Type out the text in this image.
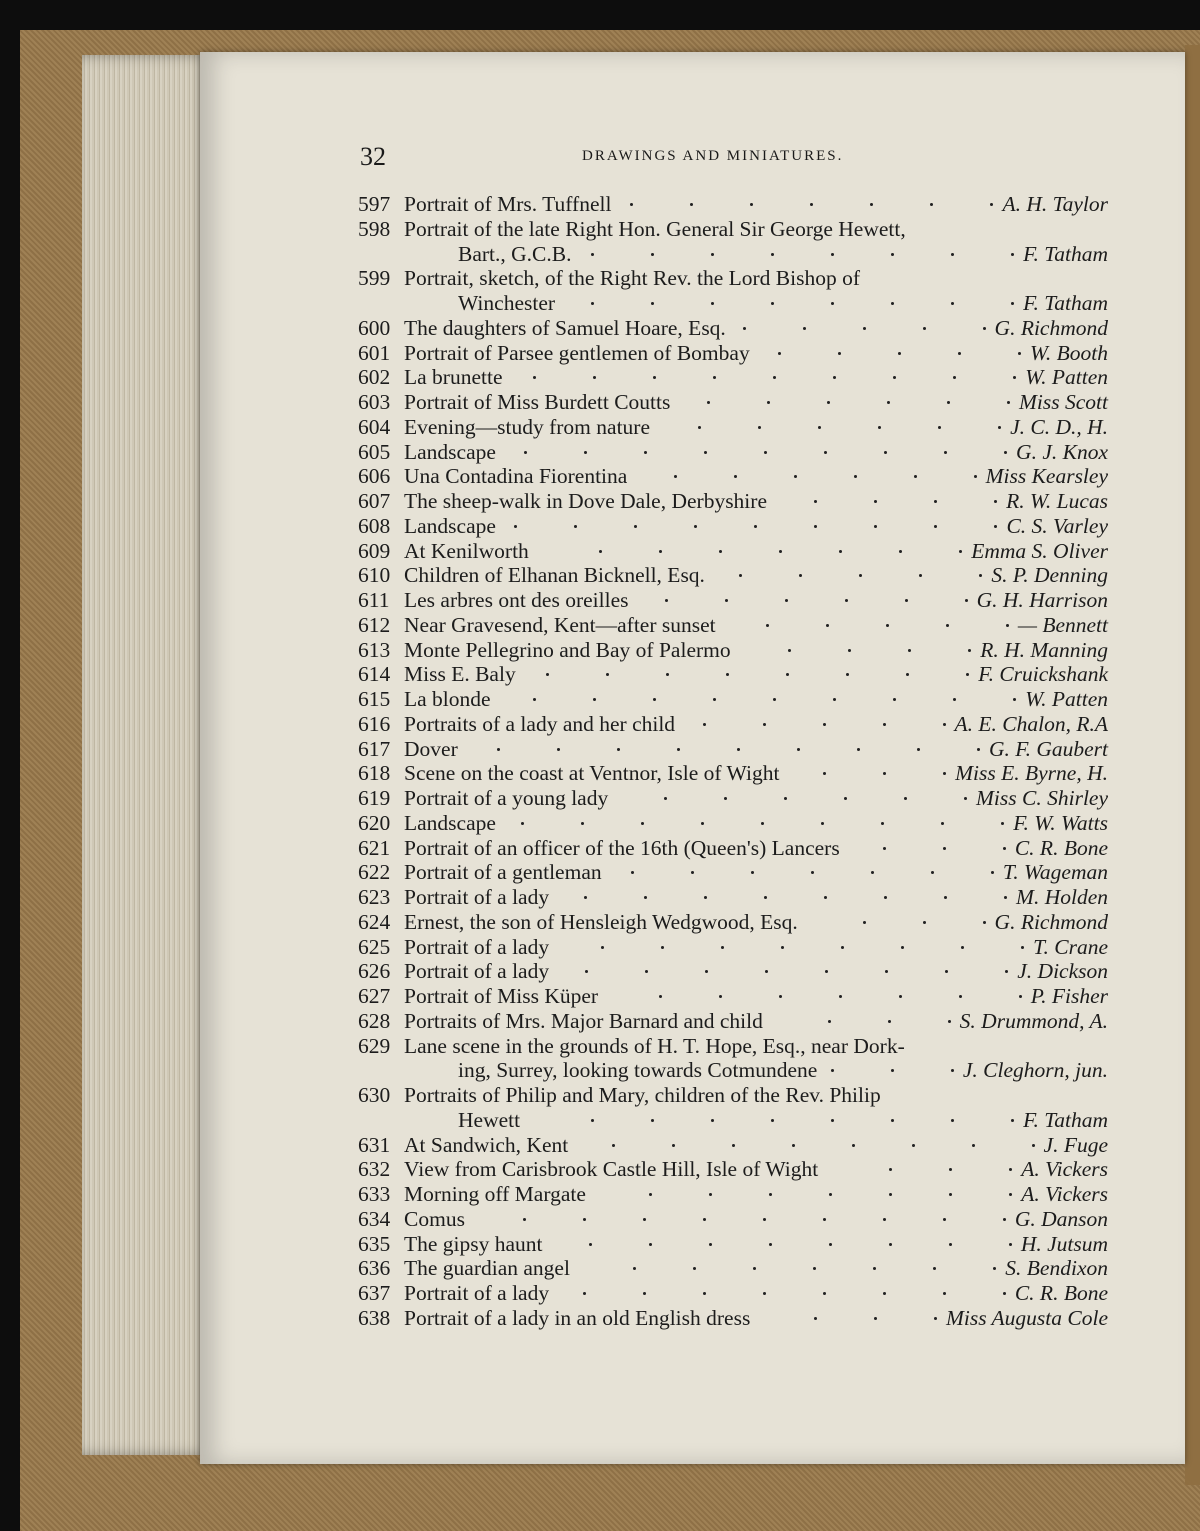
32	DRAWINGS AND MINIATURES.
597 Portrait of Mrs. Tuffnell	A. H. Taylor
598 Portrait of the late Right Hon. General Sir George Hewett,
Bart., G.C.B.	F. Tatham
599 Portrait, sketch, of the Right Rev. the Lord Bishop of
Winchester	F. Tatham
600 The daughters of Samuel Hoare, Esq.	G. Richmond
601 Portrait of Parsee gentlemen of Bombay	W. Booth
602 La brunette	W. Patten
603 Portrait of Miss Burdett Coutts	Miss Scott
604 Evening—study from nature	J. C. D., H.
605 Landscape	G. J. Knox
606 Una Contadina Fiorentina	Miss Kearsley
607 The sheep-walk in Dove Dale, Derbyshire	R. W. Lucas
608 Landscape	C. S. Varley
609 At Kenilworth	Emma S. Oliver
610 Children of Elhanan Bicknell, Esq.	S. P. Denning
611 Les arbres ont des oreilles	G. H. Harrison
612 Near Gravesend, Kent—after sunset	— Bennett
613 Monte Pellegrino and Bay of Palermo	R. H. Manning
614 Miss E. Baly	F. Cruickshank
615 La blonde	W. Patten
616 Portraits of a lady and her child	A. E. Chalon, R.A
617 Dover	G. F. Gaubert
618 Scene on the coast at Ventnor, Isle of Wight	Miss E. Byrne, H.
619 Portrait of a young lady	Miss C. Shirley
620 Landscape	F. W. Watts
621 Portrait of an officer of the 16th (Queen's) Lancers	C. R. Bone
622 Portrait of a gentleman	T. Wageman
623 Portrait of a lady	M. Holden
624 Ernest, the son of Hensleigh Wedgwood, Esq.	G. Richmond
625 Portrait of a lady	T. Crane
626 Portrait of a lady	J. Dickson
627 Portrait of Miss Küper	P. Fisher
628 Portraits of Mrs. Major Barnard and child	S. Drummond, A.
629 Lane scene in the grounds of H. T. Hope, Esq., near Dork-
ing, Surrey, looking towards Cotmundene	J. Cleghorn, jun.
630 Portraits of Philip and Mary, children of the Rev. Philip
Hewett	F. Tatham
631 At Sandwich, Kent	J. Fuge
632 View from Carisbrook Castle Hill, Isle of Wight	A. Vickers
633 Morning off Margate	A. Vickers
634 Comus	G. Danson
635 The gipsy haunt	H. Jutsum
636 The guardian angel	S. Bendixon
637 Portrait of a lady	C. R. Bone
638 Portrait of a lady in an old English dress	Miss Augusta Cole
